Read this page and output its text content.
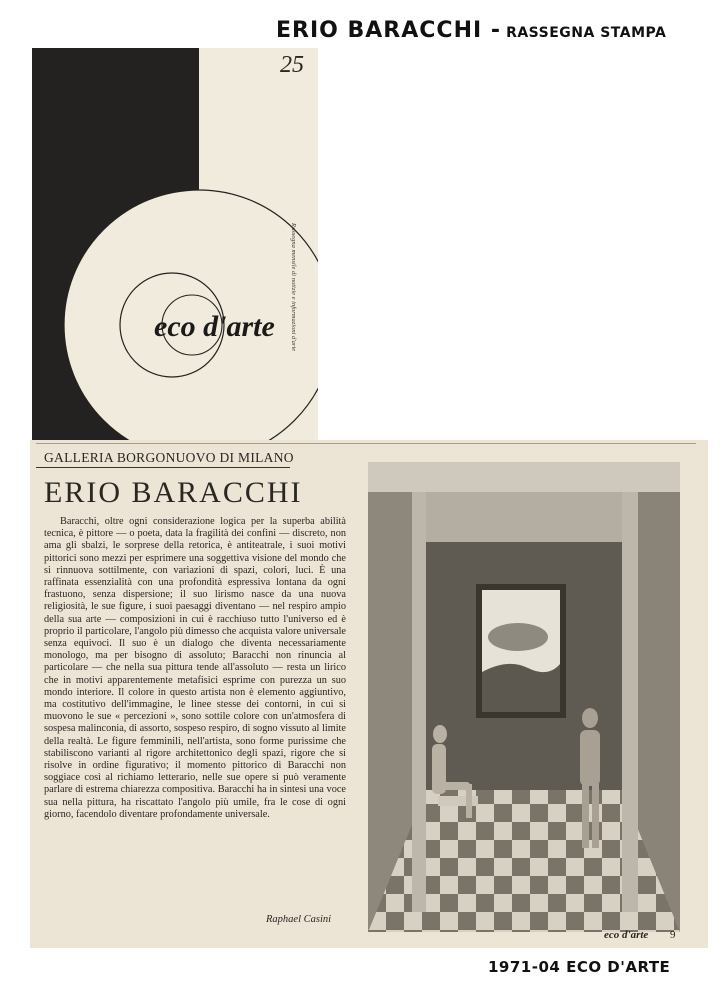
ERIO BARACCHI - RASSEGNA STAMPA
eco d'arte
25
Rassegna mensile di notizie e informazioni d'arte
GALLERIA BORGONUOVO DI MILANO
ERIO BARACCHI

Baracchi, oltre ogni considerazione logica per la superba abilità tecnica, è pittore — o poeta, data la fragilità dei confini — discreto, non ama gli sbalzi, le sorprese della retorica, è antiteatrale, i suoi motivi pittorici sono mezzi per esprimere una soggettiva visione del mondo che si rinnuova sottilmente, con variazioni di spazi, colori, luci. È una raffinata essenzialità con una profondità espressiva lontana da ogni frastuono, senza dispersione; il suo lirismo nasce da una nuova religiosità, le sue figure, i suoi paesaggi diventano — nel respiro ampio della sua arte — composizioni in cui è racchiuso tutto l'universo ed è proprio il particolare, l'angolo più dimesso che acquista valore universale senza equivoci. Il suo è un dialogo che diventa necessariamente monologo, ma per bisogno di assoluto; Baracchi non rinuncia al particolare — che nella sua pittura tende all'assoluto — resta un lirico che in motivi apparentemente metafisici esprime con purezza un suo mondo interiore. Il colore in questo artista non è elemento aggiuntivo, ma costitutivo dell'immagine, le linee stesse dei contorni, in cui si muovono le sue « percezioni », sono sottile colore con un'atmosfera di sospesa malinconia, di assorto, sospeso respiro, di sogno vissuto al limite della realtà. Le figure femminili, nell'artista, sono forme purissime che stabiliscono varianti al rigore architettonico degli spazi, rigore che si risolve in ordine figurativo; il momento pittorico di Baracchi non soggiace così al richiamo letterario, nelle sue opere si può veramente parlare di estrema chiarezza compositiva. Baracchi ha in sintesi una voce sua nella pittura, ha riscattato l'angolo più umile, fra le cose di ogni giorno, facendolo diventare profondamente universale.

Raphael Casini
eco d'arte 9
1971-04 ECO D'ARTE
